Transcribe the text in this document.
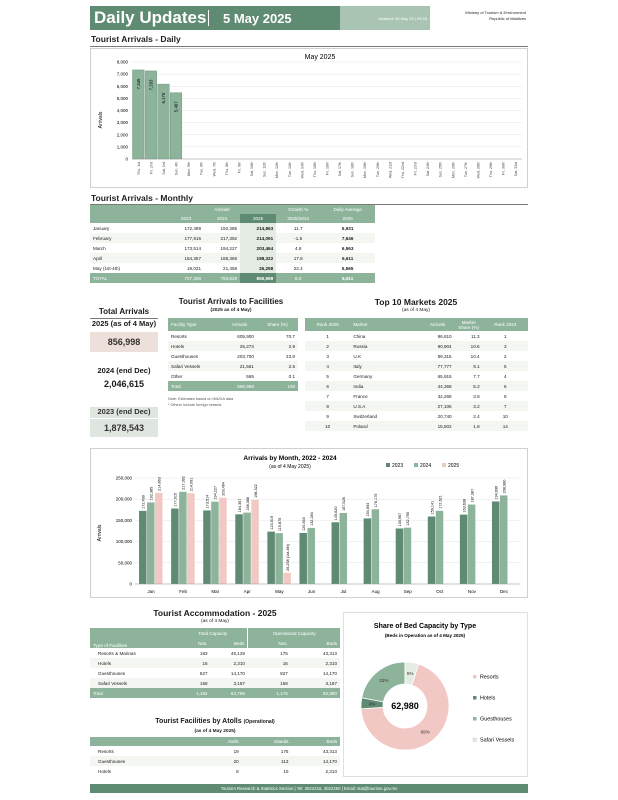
Daily Updates 5 May 2025	Updated: 06 May 25 | 09:28
Ministry of Tourism & Environment
Republic of Maldives
Tourist Arrivals - Daily
May 2025
Arrivals
0
1,000
2,000
3,000
4,000
5,000
6,000
7,000
8,000
7,345
Thu, 1st
7,263
Fri, 2nd
6,179
Sat, 3rd
5,467
Sun, 4th Mon, 5th Tue, 6th Wed, 7th Thu, 8th Fri, 9th Sat, 10th Sun, 11th Mon, 12th Tue, 13th Wed, 14th Thu, 15th Fri, 16th Sat, 17th Sun, 18th Mon, 19th Tue, 20th Wed, 21st Thu, 22nd Fri, 23rd Sat, 24th Sun, 25th Mon, 26th Tue, 27th Wed, 28th Thu, 29th Fri, 30th Sat, 31st
Tourist Arrivals - Monthly
	Arrivals			Growth %	Daily Average
	2023	2024	2025	2025/2024	2025
January	172,499	192,385	214,863	11.7	6,931
February	177,915	217,392	214,091	-1.5	7,646
March	173,514	194,227	203,464	4.8	6,563
April	164,357	168,366	198,322	17.8	6,611
May (1st-4th)	19,021	21,458	26,258	22.4	6,565
TOTAL	707,306	793,828	856,998	8.0	6,911
Total Arrivals
2025 (as of 4 May)
856,998
2024 (end Dec)
2,046,615
2023 (end Dec)
1,878,543
Tourist Arrivals to Facilities
(2025 as of 4 May)
Facility Type	Arrivals	Share (%)
Resorts	605,900	70.7
Hotels	25,273	2.9
Guesthouses	203,700	23.8
Safari Vessels	21,561	2.5
Other	565	0.1
Total	856,998	100
Note: Estimates based on IMUGA data
* Others include foreign vessels
Top 10 Markets 2025
(as of 4 May)
Rank 2025	Market	Arrivals	Market Share (%)	Rank 2024
1	China	96,610	11.3	1
2	Russia	90,904	10.6	3
3	U.K	89,315	10.4	2
4	Italy	77,777	9.1	5
5	Germany	65,915	7.7	4
6	India	44,368	5.2	6
7	France	32,268	3.8	8
8	U.S.A	27,106	3.2	7
9	Switzerland	20,740	2.4	10
10	Poland	15,502	1.8	14
Arrivals by Month, 2022 - 2024
(as of 4 May 2025)
Arrivals
0
50,000
100,000
150,000
200,000
250,000
172,499
192,385
214,863
Jan
177,915
217,392 214,091
Feb
173,514
194,227 203,464
Mar
164,357 168,366
198,322
Apr
123,519 119,875
26,258 (1st-4th)
May
120,363 132,284
Jun
145,620
167,528
Jul
154,654
176,175
Aug
130,967 132,795
Sep
159,141 172,621
Oct
163,638
187,387
Nov
194,696 208,980
Dec
2023	2024	2025
Tourist Accommodation - 2025
(as of 4 May)
Type of Facilities	Total Capacity		Operational Capacity	
	Nos.	Beds	Nos.	Beds
Resorts & Marinas	183	45,129	175	43,313
Hotels	16	2,310	16	2,310
Guesthouses	827	14,170	827	14,170
Safari Vessels	158	3,187	158	3,187
Total	1,184	64,796	1,176	62,980
Tourist Facilities by Atolls (Operational)
(as of 4 May 2025)
	Atolls	Islands	Beds
Resorts	19	175	43,313
Guesthouses	20	113	14,170
Hotels	8	10	2,310
Share of Bed Capacity by Type
(Beds in Operation as of 4 May 2025)
69%
4%
22%
5%
Resorts
Hotels
Guesthouses
Safari Vessels
62,980
Tourism Research & Statistics Section | Tel: 3022216, 3022250 | Email: stat@tourism.gov.mv
